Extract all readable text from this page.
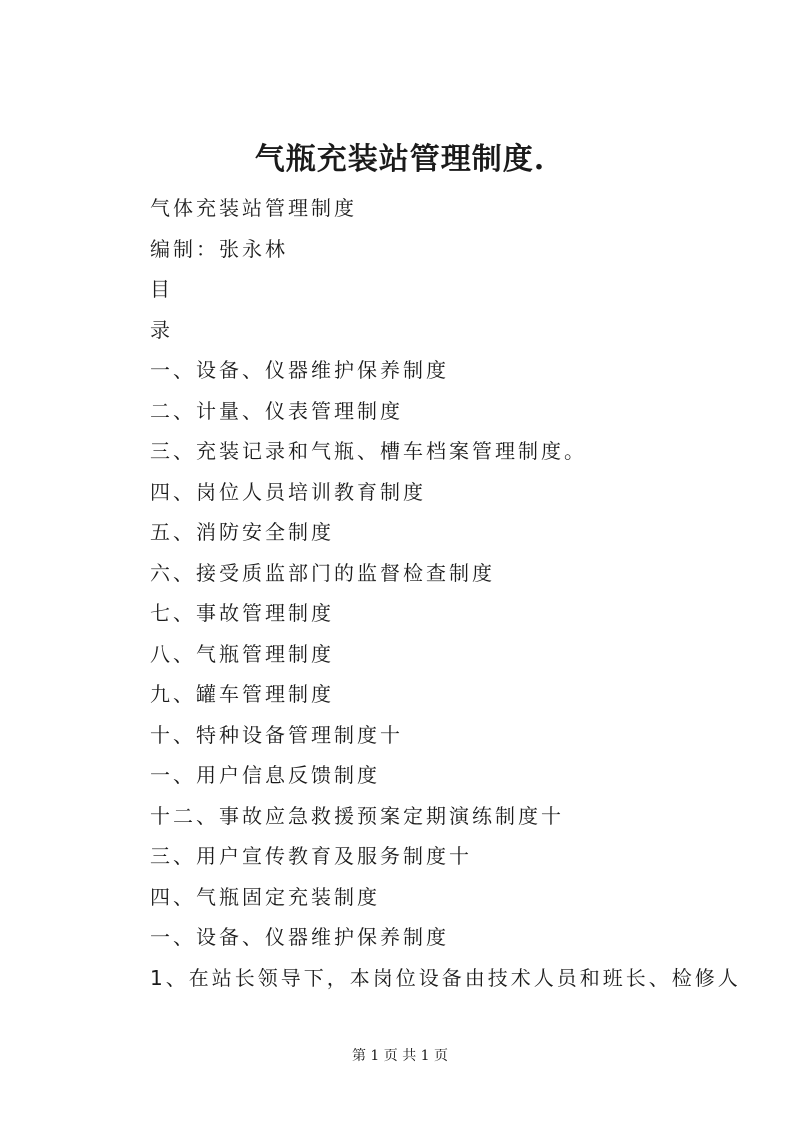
气瓶充装站管理制度.
气体充装站管理制度
编制：张永林
目
录
一、设备、仪器维护保养制度
二、计量、仪表管理制度
三、充装记录和气瓶、槽车档案管理制度。
四、岗位人员培训教育制度
五、消防安全制度
六、接受质监部门的监督检查制度
七、事故管理制度
八、气瓶管理制度
九、罐车管理制度
十、特种设备管理制度十
一、用户信息反馈制度
十二、事故应急救援预案定期演练制度十
三、用户宣传教育及服务制度十
四、气瓶固定充装制度
一、设备、仪器维护保养制度
1、在站长领导下，本岗位设备由技术人员和班长、检修人
第 1 页 共 1 页
